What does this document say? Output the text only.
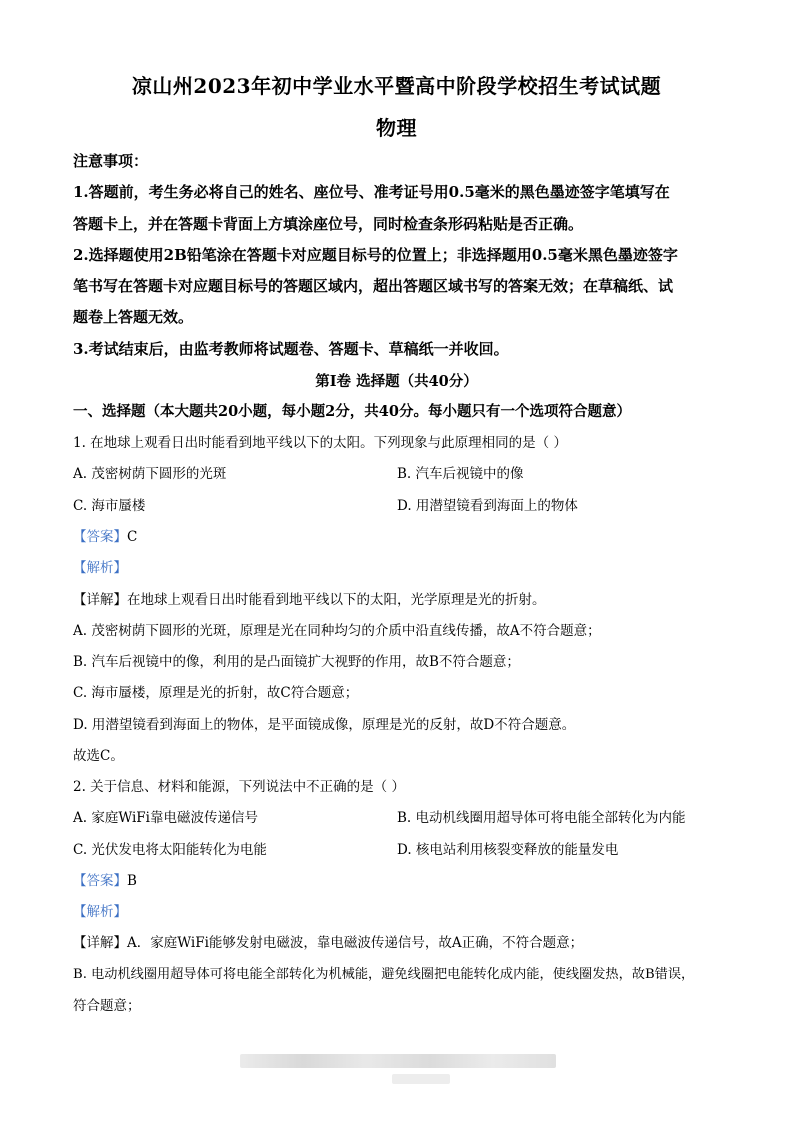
凉山州2023年初中学业水平暨高中阶段学校招生考试试题
物理
注意事项：
1.答题前，考生务必将自己的姓名、座位号、准考证号用0.5毫米的黑色墨迹签字笔填写在
答题卡上，并在答题卡背面上方填涂座位号，同时检查条形码粘贴是否正确。
2.选择题使用2B铅笔涂在答题卡对应题目标号的位置上；非选择题用0.5毫米黑色墨迹签字
笔书写在答题卡对应题目标号的答题区域内，超出答题区域书写的答案无效；在草稿纸、试
题卷上答题无效。
3.考试结束后，由监考教师将试题卷、答题卡、草稿纸一并收回。
第Ⅰ卷 选择题（共40分）
一、选择题（本大题共20小题，每小题2分，共40分。每小题只有一个选项符合题意）
1. 在地球上观看日出时能看到地平线以下的太阳。下列现象与此原理相同的是（ ）
A. 茂密树荫下圆形的光斑	B. 汽车后视镜中的像
C. 海市蜃楼	D. 用潜望镜看到海面上的物体
【答案】C
【解析】
【详解】在地球上观看日出时能看到地平线以下的太阳，光学原理是光的折射。
A. 茂密树荫下圆形的光斑，原理是光在同种均匀的介质中沿直线传播，故A不符合题意；
B. 汽车后视镜中的像，利用的是凸面镜扩大视野的作用，故B不符合题意；
C. 海市蜃楼，原理是光的折射，故C符合题意；
D. 用潜望镜看到海面上的物体，是平面镜成像，原理是光的反射，故D不符合题意。
故选C。
2. 关于信息、材料和能源，下列说法中不正确的是（ ）
A. 家庭WiFi靠电磁波传递信号	B. 电动机线圈用超导体可将电能全部转化为内能
C. 光伏发电将太阳能转化为电能	D. 核电站利用核裂变释放的能量发电
【答案】B
【解析】
【详解】A．家庭WiFi能够发射电磁波，靠电磁波传递信号，故A正确，不符合题意；
B. 电动机线圈用超导体可将电能全部转化为机械能，避免线圈把电能转化成内能，使线圈发热，故B错误，
符合题意；
